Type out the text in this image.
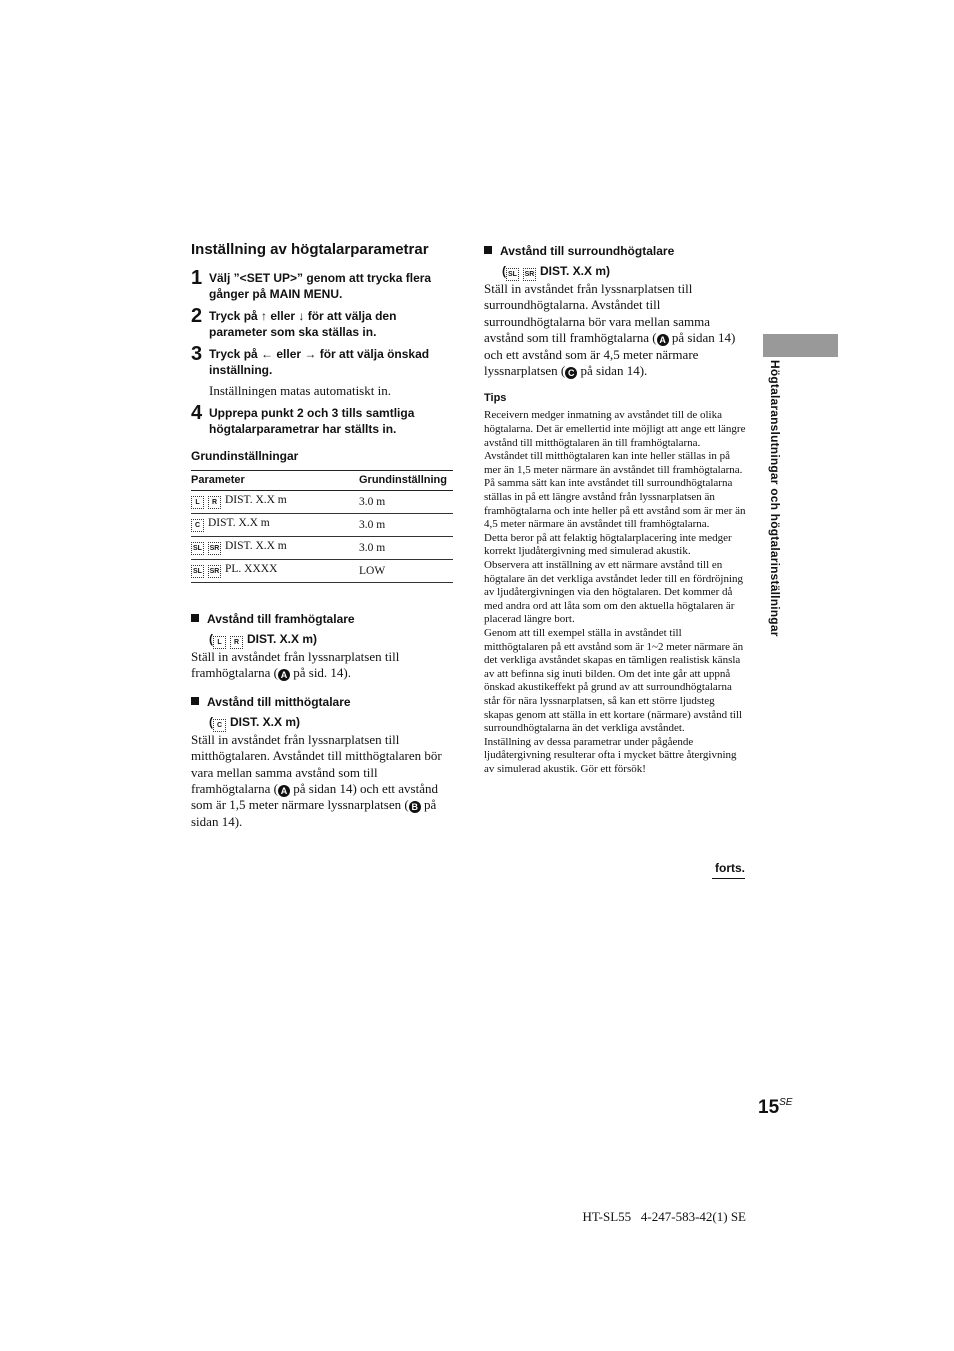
Inställning av högtalarparametrar
1 Välj ”<SET UP>” genom att trycka flera gånger på MAIN MENU.
2 Tryck på ↑ eller ↓ för att välja den parameter som ska ställas in.
3 Tryck på ← eller → för att välja önskad inställning.
Inställningen matas automatiskt in.
4 Upprepa punkt 2 och 3 tills samtliga högtalarparametrar har ställts in.
Grundinställningar
Parameter	Grundinställning
L R DIST. X.X m	3.0 m
C DIST. X.X m	3.0 m
SL SR DIST. X.X m	3.0 m
SL SR PL. XXXX	LOW
Avstånd till framhögtalare
( L R DIST. X.X m)

Ställ in avståndet från lyssnarplatsen till framhögtalarna ( A på sid. 14).

Avstånd till mitthögtalare
( C DIST. X.X m)

Ställ in avståndet från lyssnarplatsen till mitthögtalaren. Avståndet till mitthögtalaren bör vara mellan samma avstånd som till framhögtalarna ( A på sidan 14) och ett avstånd som är 1,5 meter närmare lyssnarplatsen ( B på sidan 14).

Avstånd till surroundhögtalare
( SL SR DIST. X.X m)

Ställ in avståndet från lyssnarplatsen till surroundhögtalarna. Avståndet till surroundhögtalarna bör vara mellan samma avstånd som till framhögtalarna ( A på sidan 14) och ett avstånd som är 4,5 meter närmare lyssnarplatsen ( C på sidan 14).

Tips

Receivern medger inmatning av avståndet till de olika högtalarna. Det är emellertid inte möjligt att ange ett längre avstånd till mitthögtalaren än till framhögtalarna. Avståndet till mitthögtalaren kan inte heller ställas in på mer än 1,5 meter närmare än avståndet till framhögtalarna.

På samma sätt kan inte avståndet till surroundhögtalarna ställas in på ett längre avstånd från lyssnarplatsen än framhögtalarna och inte heller på ett avstånd som är mer än 4,5 meter närmare än avståndet till framhögtalarna.

Detta beror på att felaktig högtalarplacering inte medger korrekt ljudåtergivning med simulerad akustik.

Observera att inställning av ett närmare avstånd till en högtalare än det verkliga avståndet leder till en fördröjning av ljudåtergivningen via den högtalaren. Det kommer då med andra ord att låta som om den aktuella högtalaren är placerad längre bort.

Genom att till exempel ställa in avståndet till mitthögtalaren på ett avstånd som är 1~2 meter närmare än det verkliga avståndet skapas en tämligen realistisk känsla av att befinna sig inuti bilden. Om det inte går att uppnå önskad akustikeffekt på grund av att surroundhögtalarna står för nära lyssnarplatsen, så kan ett större ljudsteg skapas genom att ställa in ett kortare (närmare) avstånd till surroundhögtalarna än det verkliga avståndet.

Inställning av dessa parametrar under pågående ljudåtergivning resulterar ofta i mycket bättre återgivning av simulerad akustik. Gör ett försök!

Högtalaranslutningar och högtalarinställningar
forts.
$15^{SE}$
HT-SL55   4-247-583-42(1) SE
